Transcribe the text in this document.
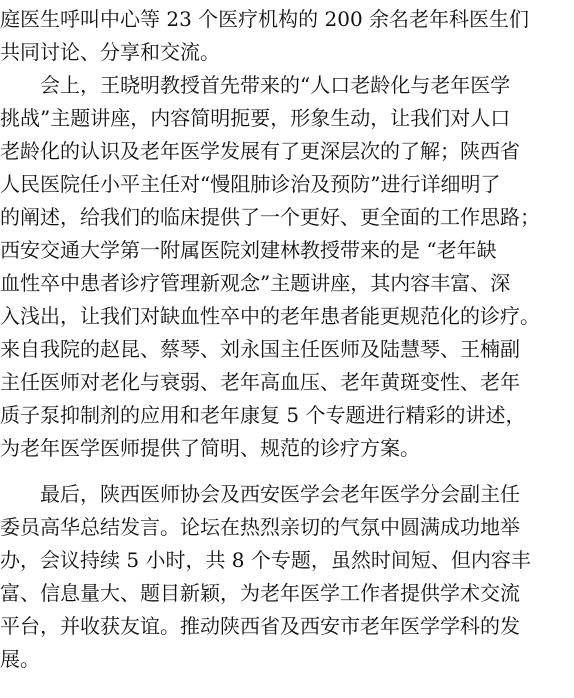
庭医生呼叫中心等 23 个医疗机构的 200 余名老年科医生们
共同讨论、分享和交流。
会上，王晓明教授首先带来的“人口老龄化与老年医学
挑战”主题讲座，内容简明扼要，形象生动，让我们对人口
老龄化的认识及老年医学发展有了更深层次的了解；陕西省
人民医院任小平主任对“慢阻肺诊治及预防”进行详细明了
的阐述，给我们的临床提供了一个更好、更全面的工作思路；
西安交通大学第一附属医院刘建林教授带来的是 “老年缺
血性卒中患者诊疗管理新观念”主题讲座，其内容丰富、深
入浅出，让我们对缺血性卒中的老年患者能更规范化的诊疗。
来自我院的赵昆、蔡琴、刘永国主任医师及陆慧琴、王楠副
主任医师对老化与衰弱、老年高血压、老年黄斑变性、老年
质子泵抑制剂的应用和老年康复 5 个专题进行精彩的讲述，
为老年医学医师提供了简明、规范的诊疗方案。
最后，陕西医师协会及西安医学会老年医学分会副主任
委员高华总结发言。论坛在热烈亲切的气氛中圆满成功地举
办，会议持续 5 小时，共 8 个专题，虽然时间短、但内容丰
富、信息量大、题目新颖，为老年医学工作者提供学术交流
平台，并收获友谊。推动陕西省及西安市老年医学学科的发
展。
